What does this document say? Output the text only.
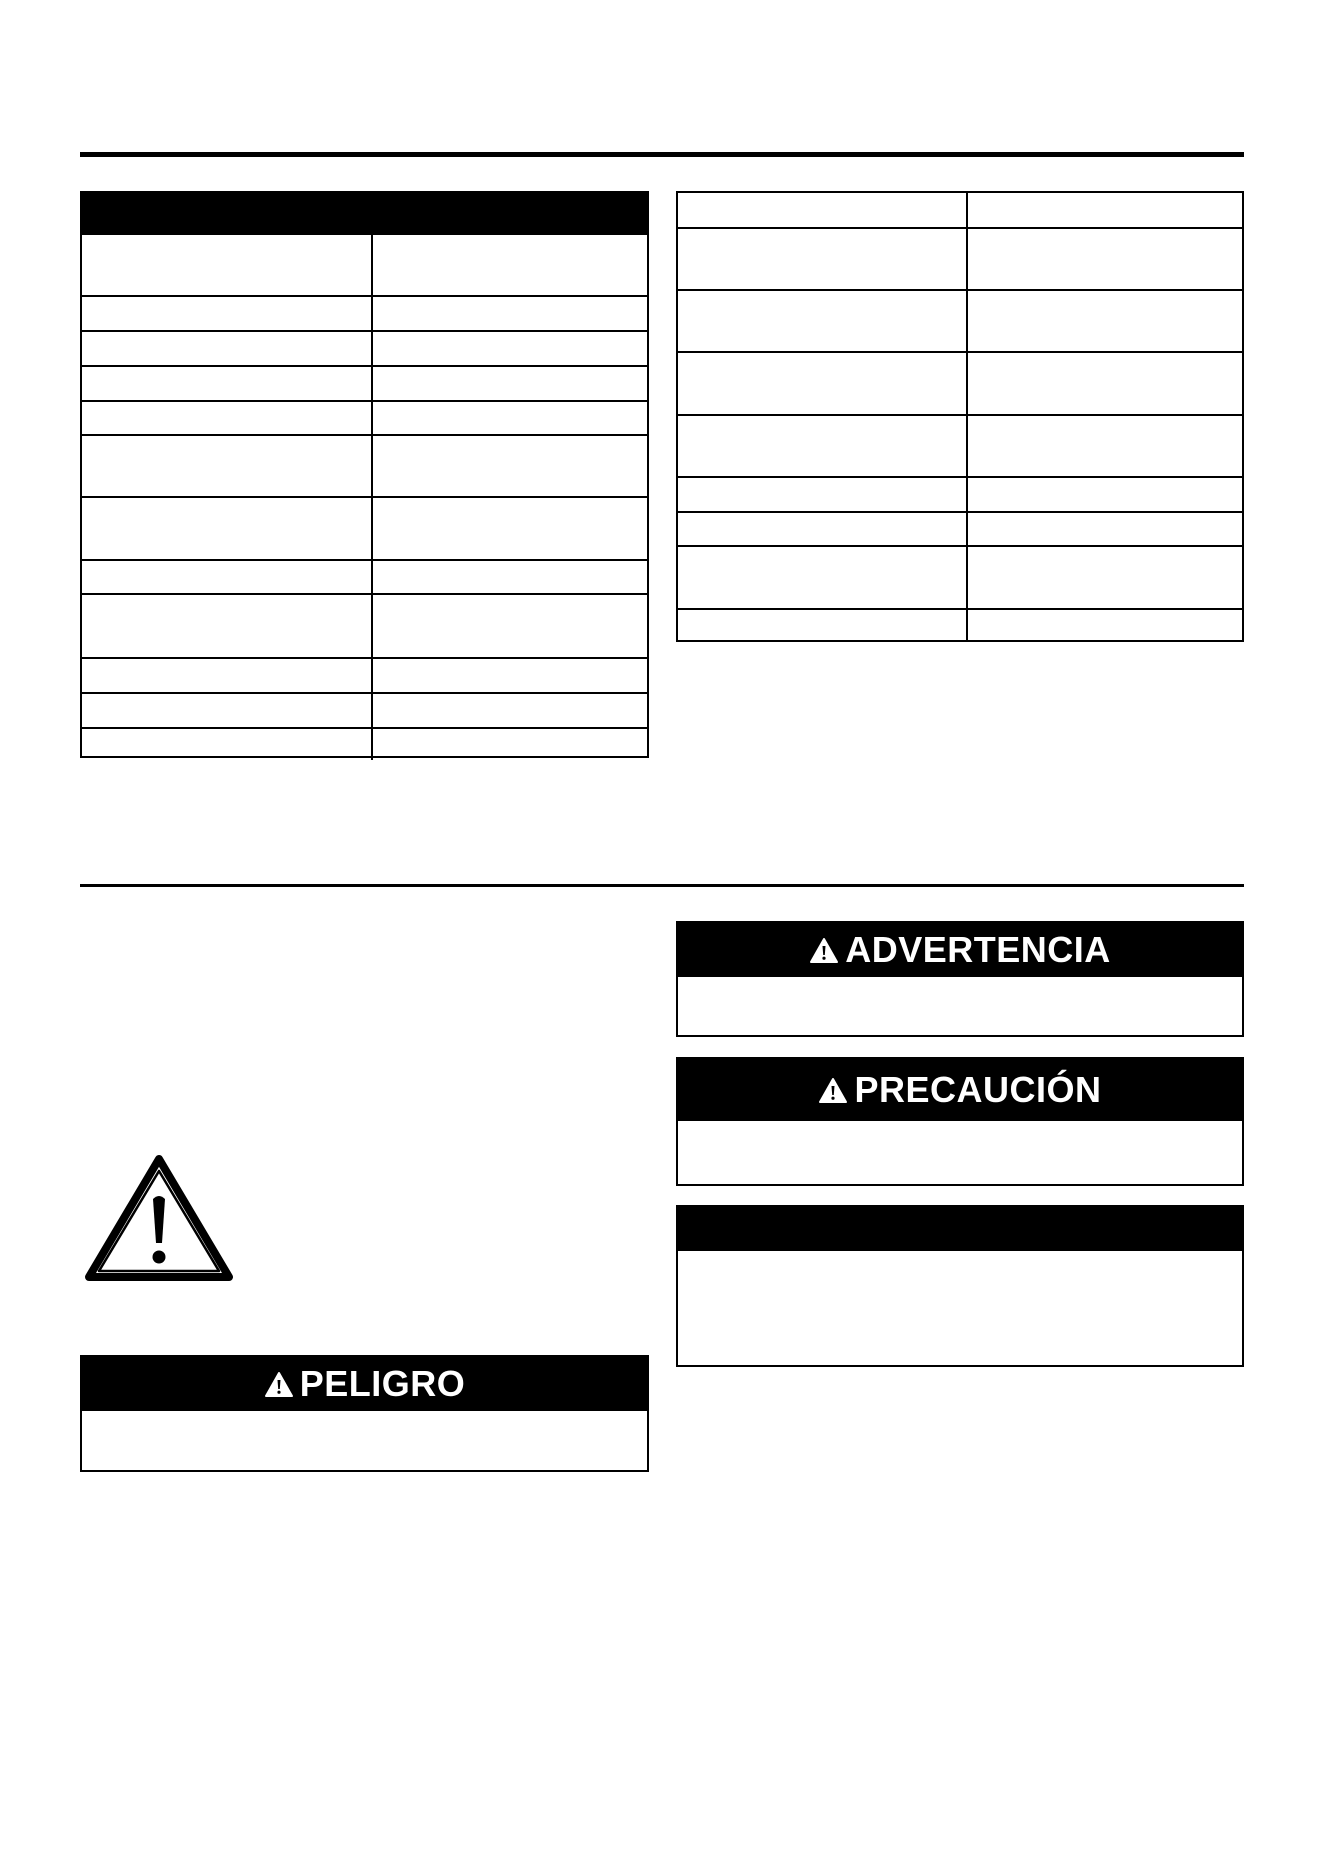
ADVERTENCIA
PRECAUCIÓN
PELIGRO
